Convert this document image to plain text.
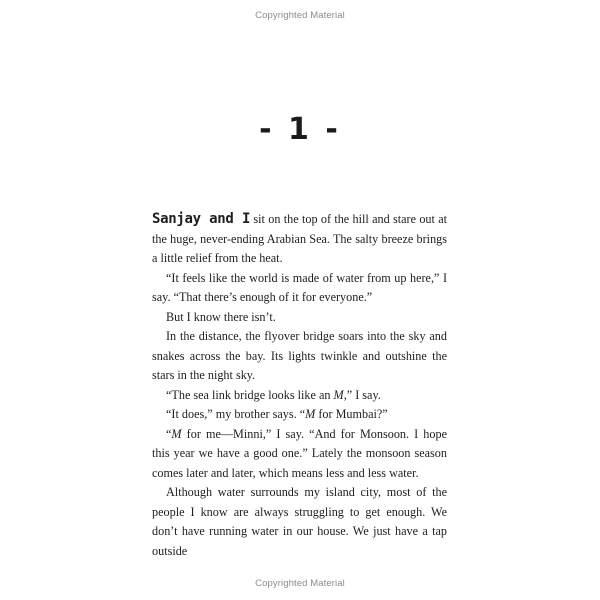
Copyrighted Material
- 1 -

Sanjay and I sit on the top of the hill and stare out at the huge, never-ending Arabian Sea. The salty breeze brings a little relief from the heat.

“It feels like the world is made of water from up here,” I say. “That there’s enough of it for everyone.”

But I know there isn’t.

In the distance, the flyover bridge soars into the sky and snakes across the bay. Its lights twinkle and outshine the stars in the night sky.

“The sea link bridge looks like an M,” I say.

“It does,” my brother says. “M for Mumbai?”

“M for me—Minni,” I say. “And for Monsoon. I hope this year we have a good one.” Lately the monsoon season comes later and later, which means less and less water.

Although water surrounds my island city, most of the people I know are always struggling to get enough. We don’t have running water in our house. We just have a tap outside

Copyrighted Material
